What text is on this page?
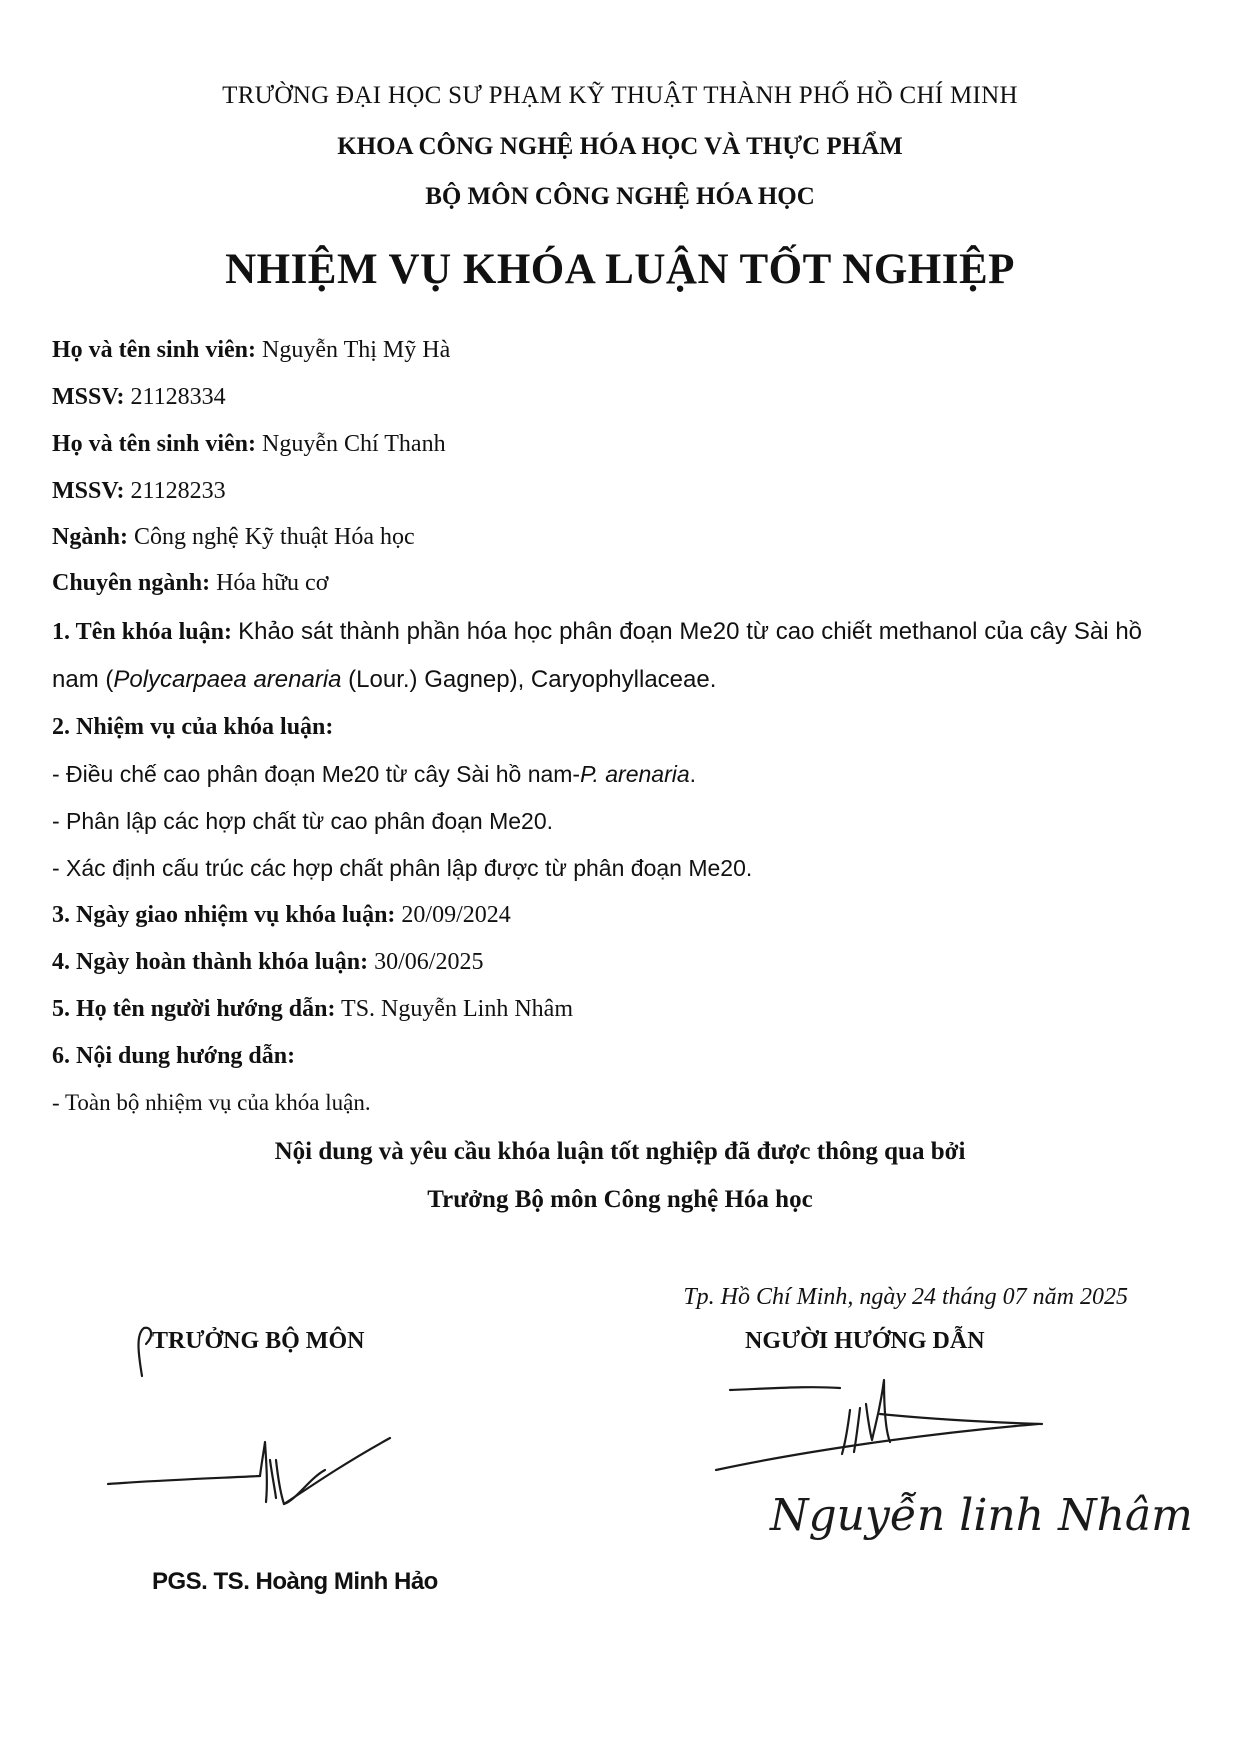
TRƯỜNG ĐẠI HỌC SƯ PHẠM KỸ THUẬT THÀNH PHỐ HỒ CHÍ MINH
KHOA CÔNG NGHỆ HÓA HỌC VÀ THỰC PHẨM
BỘ MÔN CÔNG NGHỆ HÓA HỌC
NHIỆM VỤ KHÓA LUẬN TỐT NGHIỆP
Họ và tên sinh viên: Nguyễn Thị Mỹ Hà
MSSV: 21128334
Họ và tên sinh viên: Nguyễn Chí Thanh
MSSV: 21128233
Ngành: Công nghệ Kỹ thuật Hóa học
Chuyên ngành: Hóa hữu cơ
1. Tên khóa luận: Khảo sát thành phần hóa học phân đoạn Me20 từ cao chiết methanol của cây Sài hồ nam (Polycarpaea arenaria (Lour.) Gagnep), Caryophyllaceae.
2. Nhiệm vụ của khóa luận:
- Điều chế cao phân đoạn Me20 từ cây Sài hồ nam-P. arenaria.
- Phân lập các hợp chất từ cao phân đoạn Me20.
- Xác định cấu trúc các hợp chất phân lập được từ phân đoạn Me20.
3. Ngày giao nhiệm vụ khóa luận: 20/09/2024
4. Ngày hoàn thành khóa luận: 30/06/2025
5. Họ tên người hướng dẫn: TS. Nguyễn Linh Nhâm
6. Nội dung hướng dẫn:
- Toàn bộ nhiệm vụ của khóa luận.
Nội dung và yêu cầu khóa luận tốt nghiệp đã được thông qua bởi
Trưởng Bộ môn Công nghệ Hóa học
Tp. Hồ Chí Minh, ngày 24 tháng 07 năm 2025
TRƯỞNG BỘ MÔN
PGS. TS. Hoàng Minh Hảo
NGƯỜI HƯỚNG DẪN
Nguyễn linh Nhâm
